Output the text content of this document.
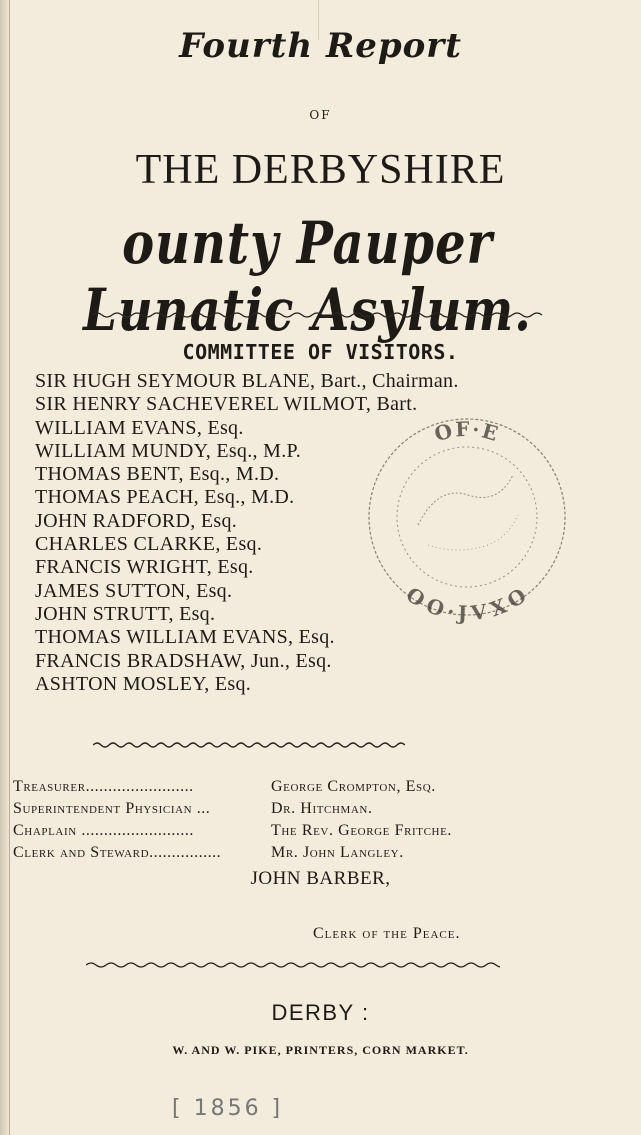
Fourth Report
OF
THE DERBYSHIRE
ounty Pauper Lunatic Asylum.
COMMITTEE OF VISITORS.
SIR HUGH SEYMOUR BLANE, Bart., Chairman.
SIR HENRY SACHEVEREL WILMOT, Bart.
WILLIAM EVANS, Esq.
WILLIAM MUNDY, Esq., M.P.
THOMAS BENT, Esq., M.D.
THOMAS PEACH, Esq., M.D.
JOHN RADFORD, Esq.
CHARLES CLARKE, Esq.
FRANCIS WRIGHT, Esq.
JAMES SUTTON, Esq.
JOHN STRUTT, Esq.
THOMAS WILLIAM EVANS, Esq.
FRANCIS BRADSHAW, Jun., Esq.
ASHTON MOSLEY, Esq.
OF·E
OO·JVXO
Treasurer........................	George Crompton, Esq.
Superintendent Physician ...	Dr. Hitchman.
Chaplain .........................	The Rev. George Fritche.
Clerk and Steward................	Mr. John Langley.
JOHN BARBER,
Clerk of the Peace.
DERBY :
W. AND W. PIKE, PRINTERS, CORN MARKET.
[ 1856 ]
